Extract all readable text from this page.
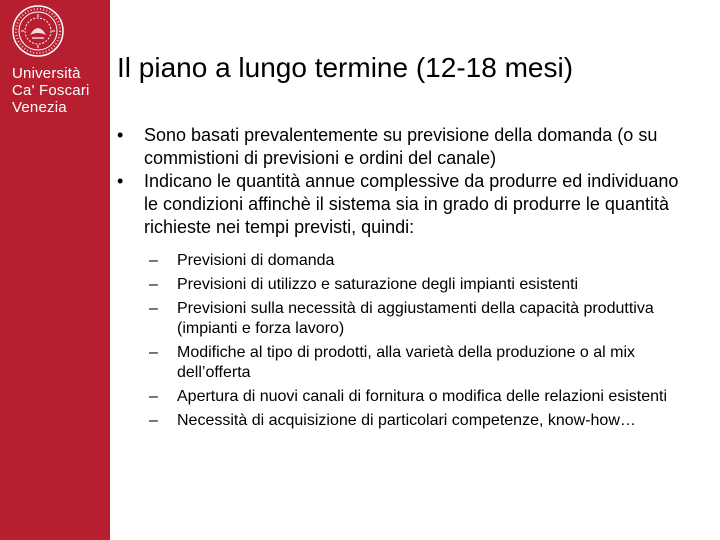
Università
Ca' Foscari
Venezia
Il piano a lungo termine (12-18 mesi)
• Sono basati prevalentemente su previsione della domanda (o su commistioni di previsioni e ordini del canale)
• Indicano le quantità annue complessive da produrre ed individuano le condizioni affinchè il sistema sia in grado di produrre le quantità richieste nei tempi previsti, quindi:
– Previsioni di domanda
– Previsioni di utilizzo e saturazione degli impianti esistenti
– Previsioni sulla necessità di aggiustamenti della capacità produttiva (impianti e forza lavoro)
– Modifiche al tipo di prodotti, alla varietà della produzione o al mix dell’offerta
– Apertura di nuovi canali di fornitura o modifica delle relazioni esistenti
– Necessità di acquisizione di particolari competenze, know-how…
